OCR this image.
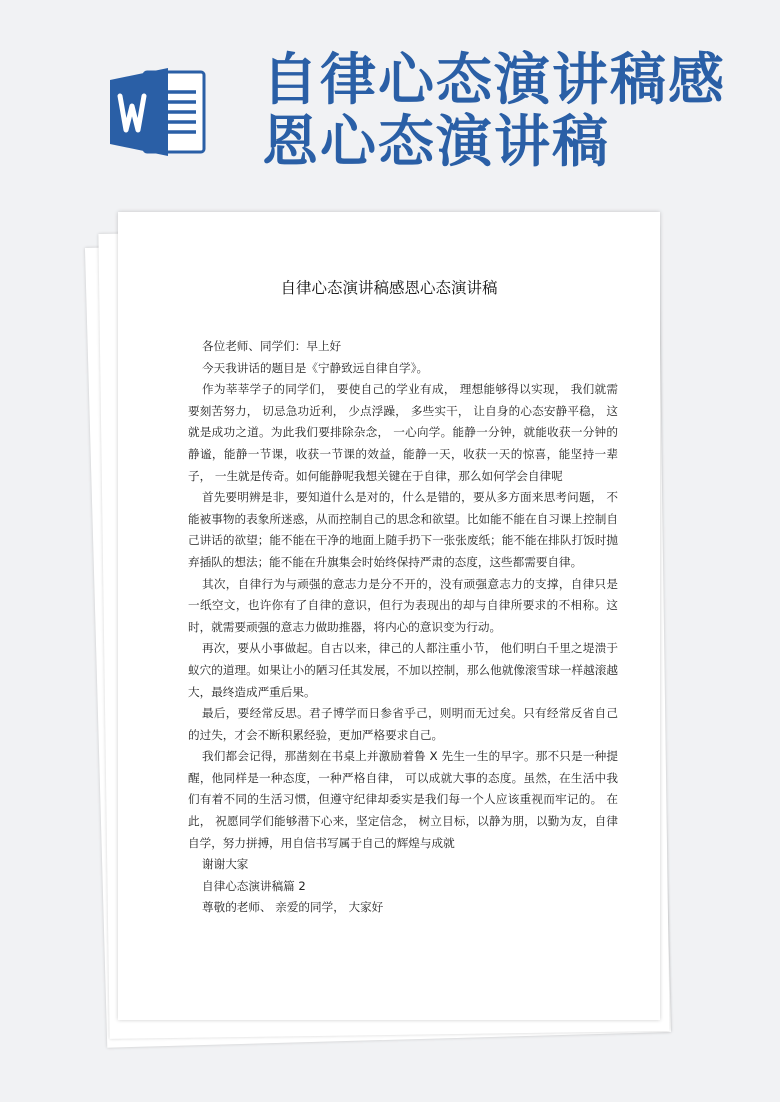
自律心态演讲稿感恩心态演讲稿
自律心态演讲稿感恩心态演讲稿

各位老师、同学们：早上好

今天我讲话的题目是《宁静致远自律自学》。

作为莘莘学子的同学们， 要使自己的学业有成， 理想能够得以实现， 我们就需要刻苦努力， 切忌急功近利， 少点浮躁， 多些实干， 让自身的心态安静平稳， 这就是成功之道。为此我们要排除杂念， 一心向学。能静一分钟，就能收获一分钟的静谧，能静一节课，收获一节课的效益，能静一天，收获一天的惊喜，能坚持一辈子， 一生就是传奇。如何能静呢我想关键在于自律，那么如何学会自律呢

首先要明辨是非，要知道什么是对的，什么是错的，要从多方面来思考问题， 不能被事物的表象所迷惑，从而控制自己的思念和欲望。比如能不能在自习课上控制自己讲话的欲望；能不能在干净的地面上随手扔下一张张废纸；能不能在排队打饭时抛弃插队的想法；能不能在升旗集会时始终保持严肃的态度，这些都需要自律。

其次，自律行为与顽强的意志力是分不开的，没有顽强意志力的支撑，自律只是一纸空文，也许你有了自律的意识，但行为表现出的却与自律所要求的不相称。这时，就需要顽强的意志力做助推器，将内心的意识变为行动。

再次，要从小事做起。自古以来，律己的人都注重小节， 他们明白千里之堤溃于蚁穴的道理。如果让小的陋习任其发展，不加以控制，那么他就像滚雪球一样越滚越大，最终造成严重后果。

最后，要经常反思。君子博学而日参省乎己，则明而无过矣。只有经常反省自己的过失，才会不断积累经验，更加严格要求自己。

我们都会记得，那凿刻在书桌上并激励着鲁 X 先生一生的早字。那不只是一种提醒，他同样是一种态度，一种严格自律， 可以成就大事的态度。虽然，在生活中我们有着不同的生活习惯，但遵守纪律却委实是我们每一个人应该重视而牢记的。 在此， 祝愿同学们能够潜下心来，坚定信念， 树立目标，以静为朋，以勤为友，自律自学，努力拼搏，用自信书写属于自己的辉煌与成就

谢谢大家

自律心态演讲稿篇 2

尊敬的老师、 亲爱的同学， 大家好
